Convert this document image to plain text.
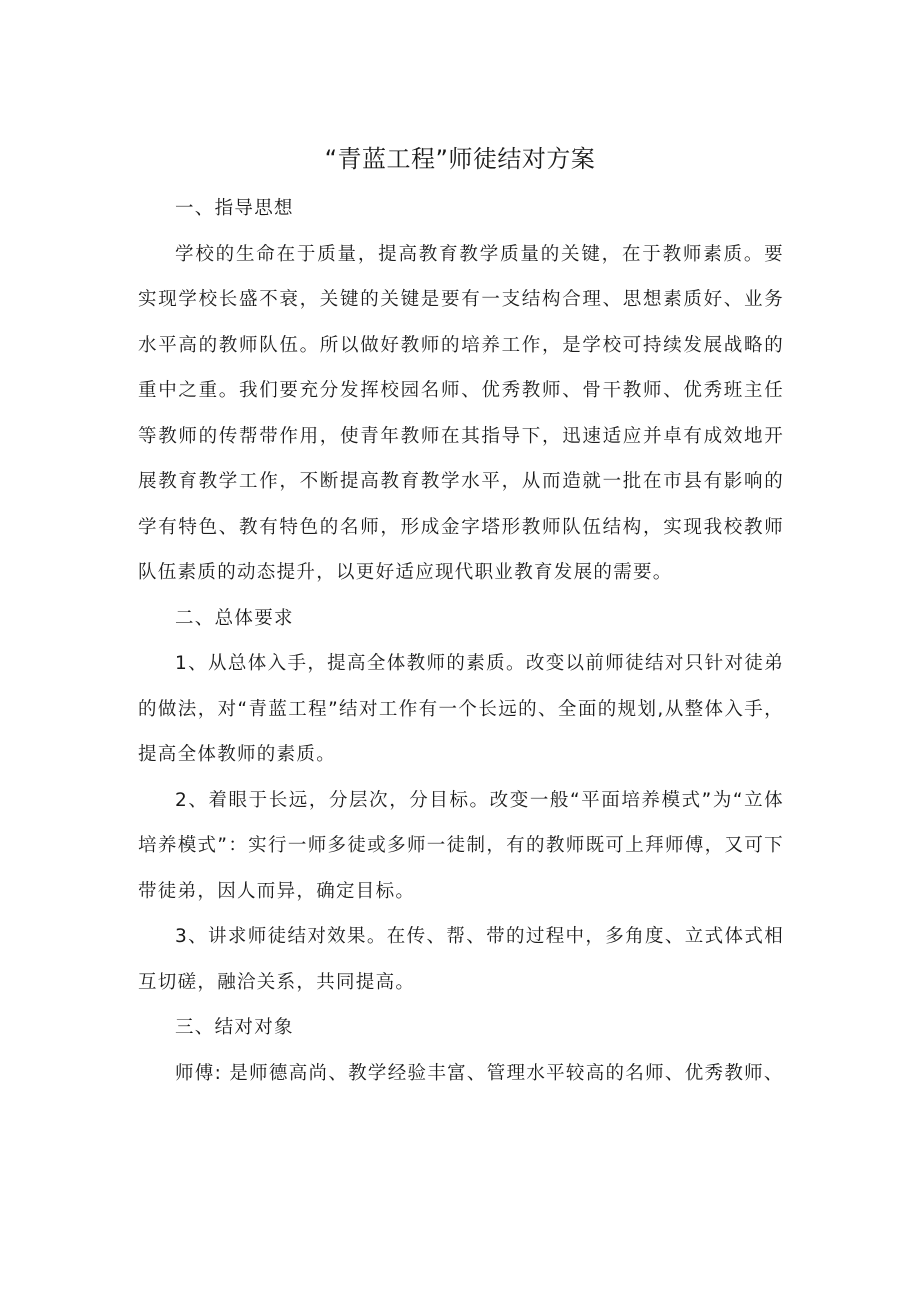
“青蓝工程”师徒结对方案

一、指导思想

学校的生命在于质量，提高教育教学质量的关键，在于教师素质。要实现学校长盛不衰，关键的关键是要有一支结构合理、思想素质好、业务水平高的教师队伍。所以做好教师的培养工作，是学校可持续发展战略的重中之重。我们要充分发挥校园名师、优秀教师、骨干教师、优秀班主任等教师的传帮带作用，使青年教师在其指导下，迅速适应并卓有成效地开展教育教学工作，不断提高教育教学水平，从而造就一批在市县有影响的学有特色、教有特色的名师，形成金字塔形教师队伍结构，实现我校教师队伍素质的动态提升，以更好适应现代职业教育发展的需要。

二、总体要求

1、从总体入手，提高全体教师的素质。改变以前师徒结对只针对徒弟的做法，对“青蓝工程”结对工作有一个长远的、全面的规划,从整体入手，提高全体教师的素质。

2、着眼于长远，分层次，分目标。改变一般“平面培养模式”为“立体培养模式”：实行一师多徒或多师一徒制，有的教师既可上拜师傅，又可下带徒弟，因人而异，确定目标。

3、讲求师徒结对效果。在传、帮、带的过程中，多角度、立式体式相互切磋，融洽关系，共同提高。

三、结对对象

师傅: 是师德高尚、教学经验丰富、管理水平较高的名师、优秀教师、
